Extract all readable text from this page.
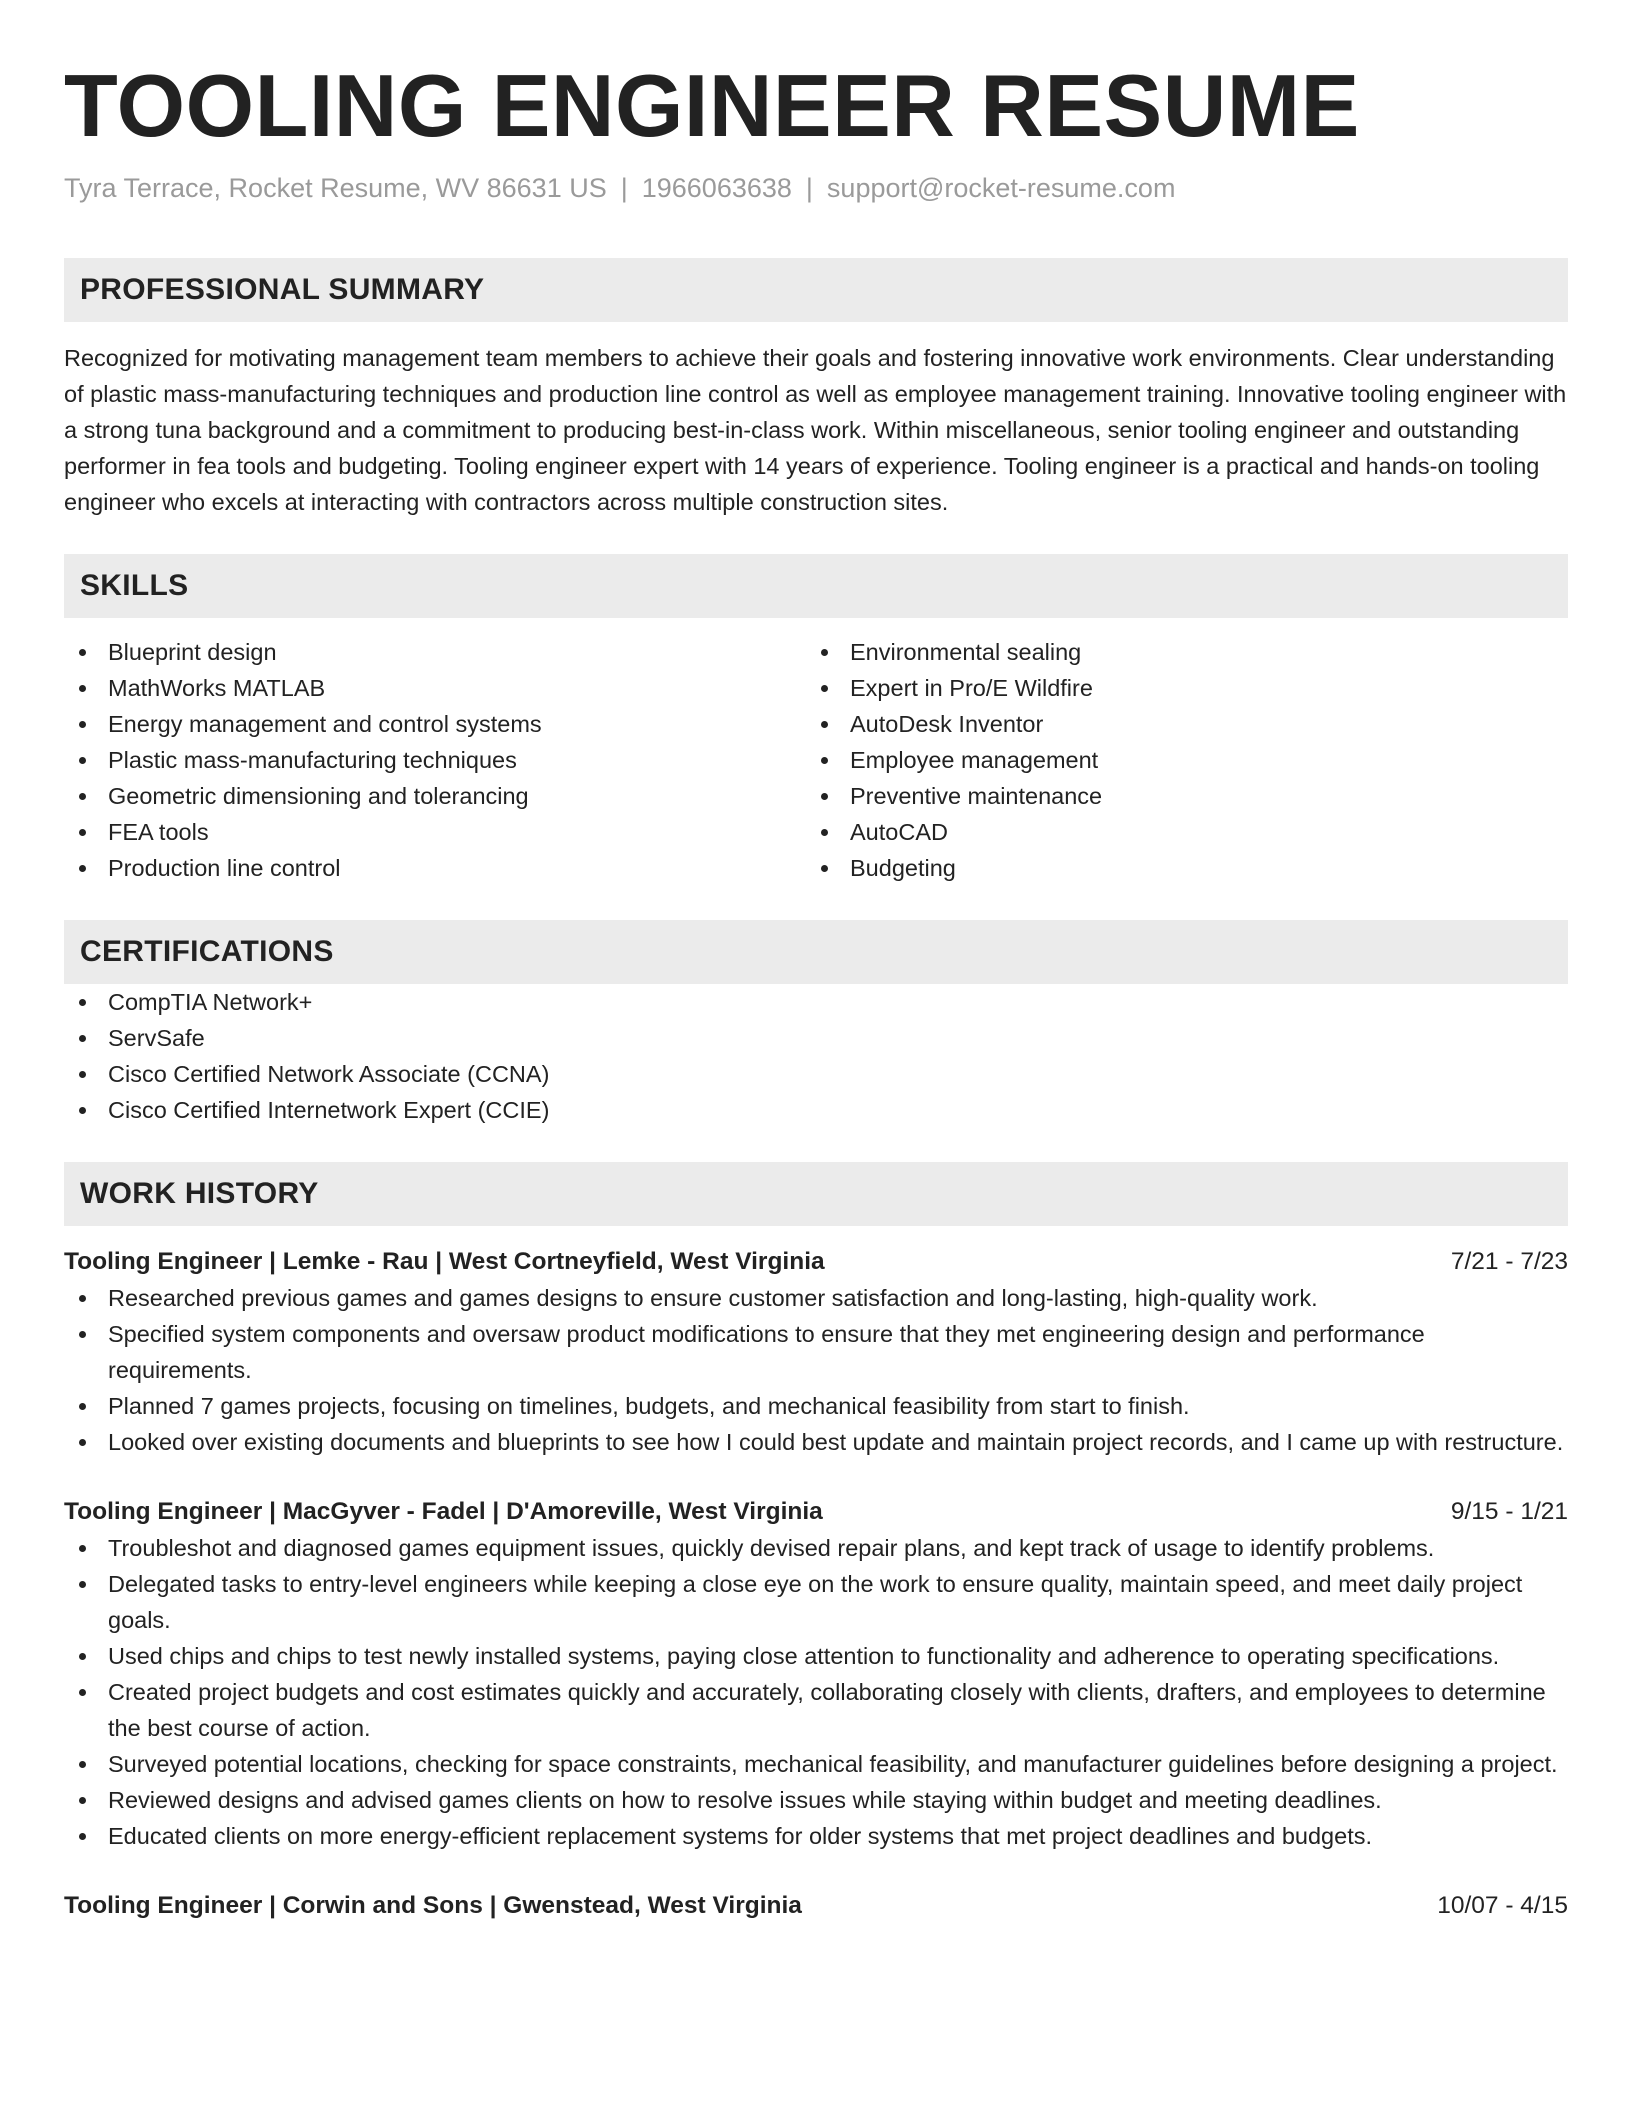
TOOLING ENGINEER RESUME
Tyra Terrace, Rocket Resume, WV 86631 US | 1966063638 | support@rocket-resume.com
PROFESSIONAL SUMMARY

Recognized for motivating management team members to achieve their goals and fostering innovative work environments. Clear understanding of plastic mass-manufacturing techniques and production line control as well as employee management training. Innovative tooling engineer with a strong tuna background and a commitment to producing best-in-class work. Within miscellaneous, senior tooling engineer and outstanding performer in fea tools and budgeting. Tooling engineer expert with 14 years of experience. Tooling engineer is a practical and hands-on tooling engineer who excels at interacting with contractors across multiple construction sites.

SKILLS
Blueprint design
MathWorks MATLAB
Energy management and control systems
Plastic mass-manufacturing techniques
Geometric dimensioning and tolerancing
FEA tools
Production line control
Environmental sealing
Expert in Pro/E Wildfire
AutoDesk Inventor
Employee management
Preventive maintenance
AutoCAD
Budgeting
CERTIFICATIONS
CompTIA Network+
ServSafe
Cisco Certified Network Associate (CCNA)
Cisco Certified Internetwork Expert (CCIE)
WORK HISTORY
Tooling Engineer | Lemke - Rau | West Cortneyfield, West Virginia	7/21 - 7/23
Researched previous games and games designs to ensure customer satisfaction and long-lasting, high-quality work.
Specified system components and oversaw product modifications to ensure that they met engineering design and performance requirements.
Planned 7 games projects, focusing on timelines, budgets, and mechanical feasibility from start to finish.
Looked over existing documents and blueprints to see how I could best update and maintain project records, and I came up with restructure.
Tooling Engineer | MacGyver - Fadel | D'Amoreville, West Virginia	9/15 - 1/21
Troubleshot and diagnosed games equipment issues, quickly devised repair plans, and kept track of usage to identify problems.
Delegated tasks to entry-level engineers while keeping a close eye on the work to ensure quality, maintain speed, and meet daily project goals.
Used chips and chips to test newly installed systems, paying close attention to functionality and adherence to operating specifications.
Created project budgets and cost estimates quickly and accurately, collaborating closely with clients, drafters, and employees to determine the best course of action.
Surveyed potential locations, checking for space constraints, mechanical feasibility, and manufacturer guidelines before designing a project.
Reviewed designs and advised games clients on how to resolve issues while staying within budget and meeting deadlines.
Educated clients on more energy-efficient replacement systems for older systems that met project deadlines and budgets.
Tooling Engineer | Corwin and Sons | Gwenstead, West Virginia	10/07 - 4/15
